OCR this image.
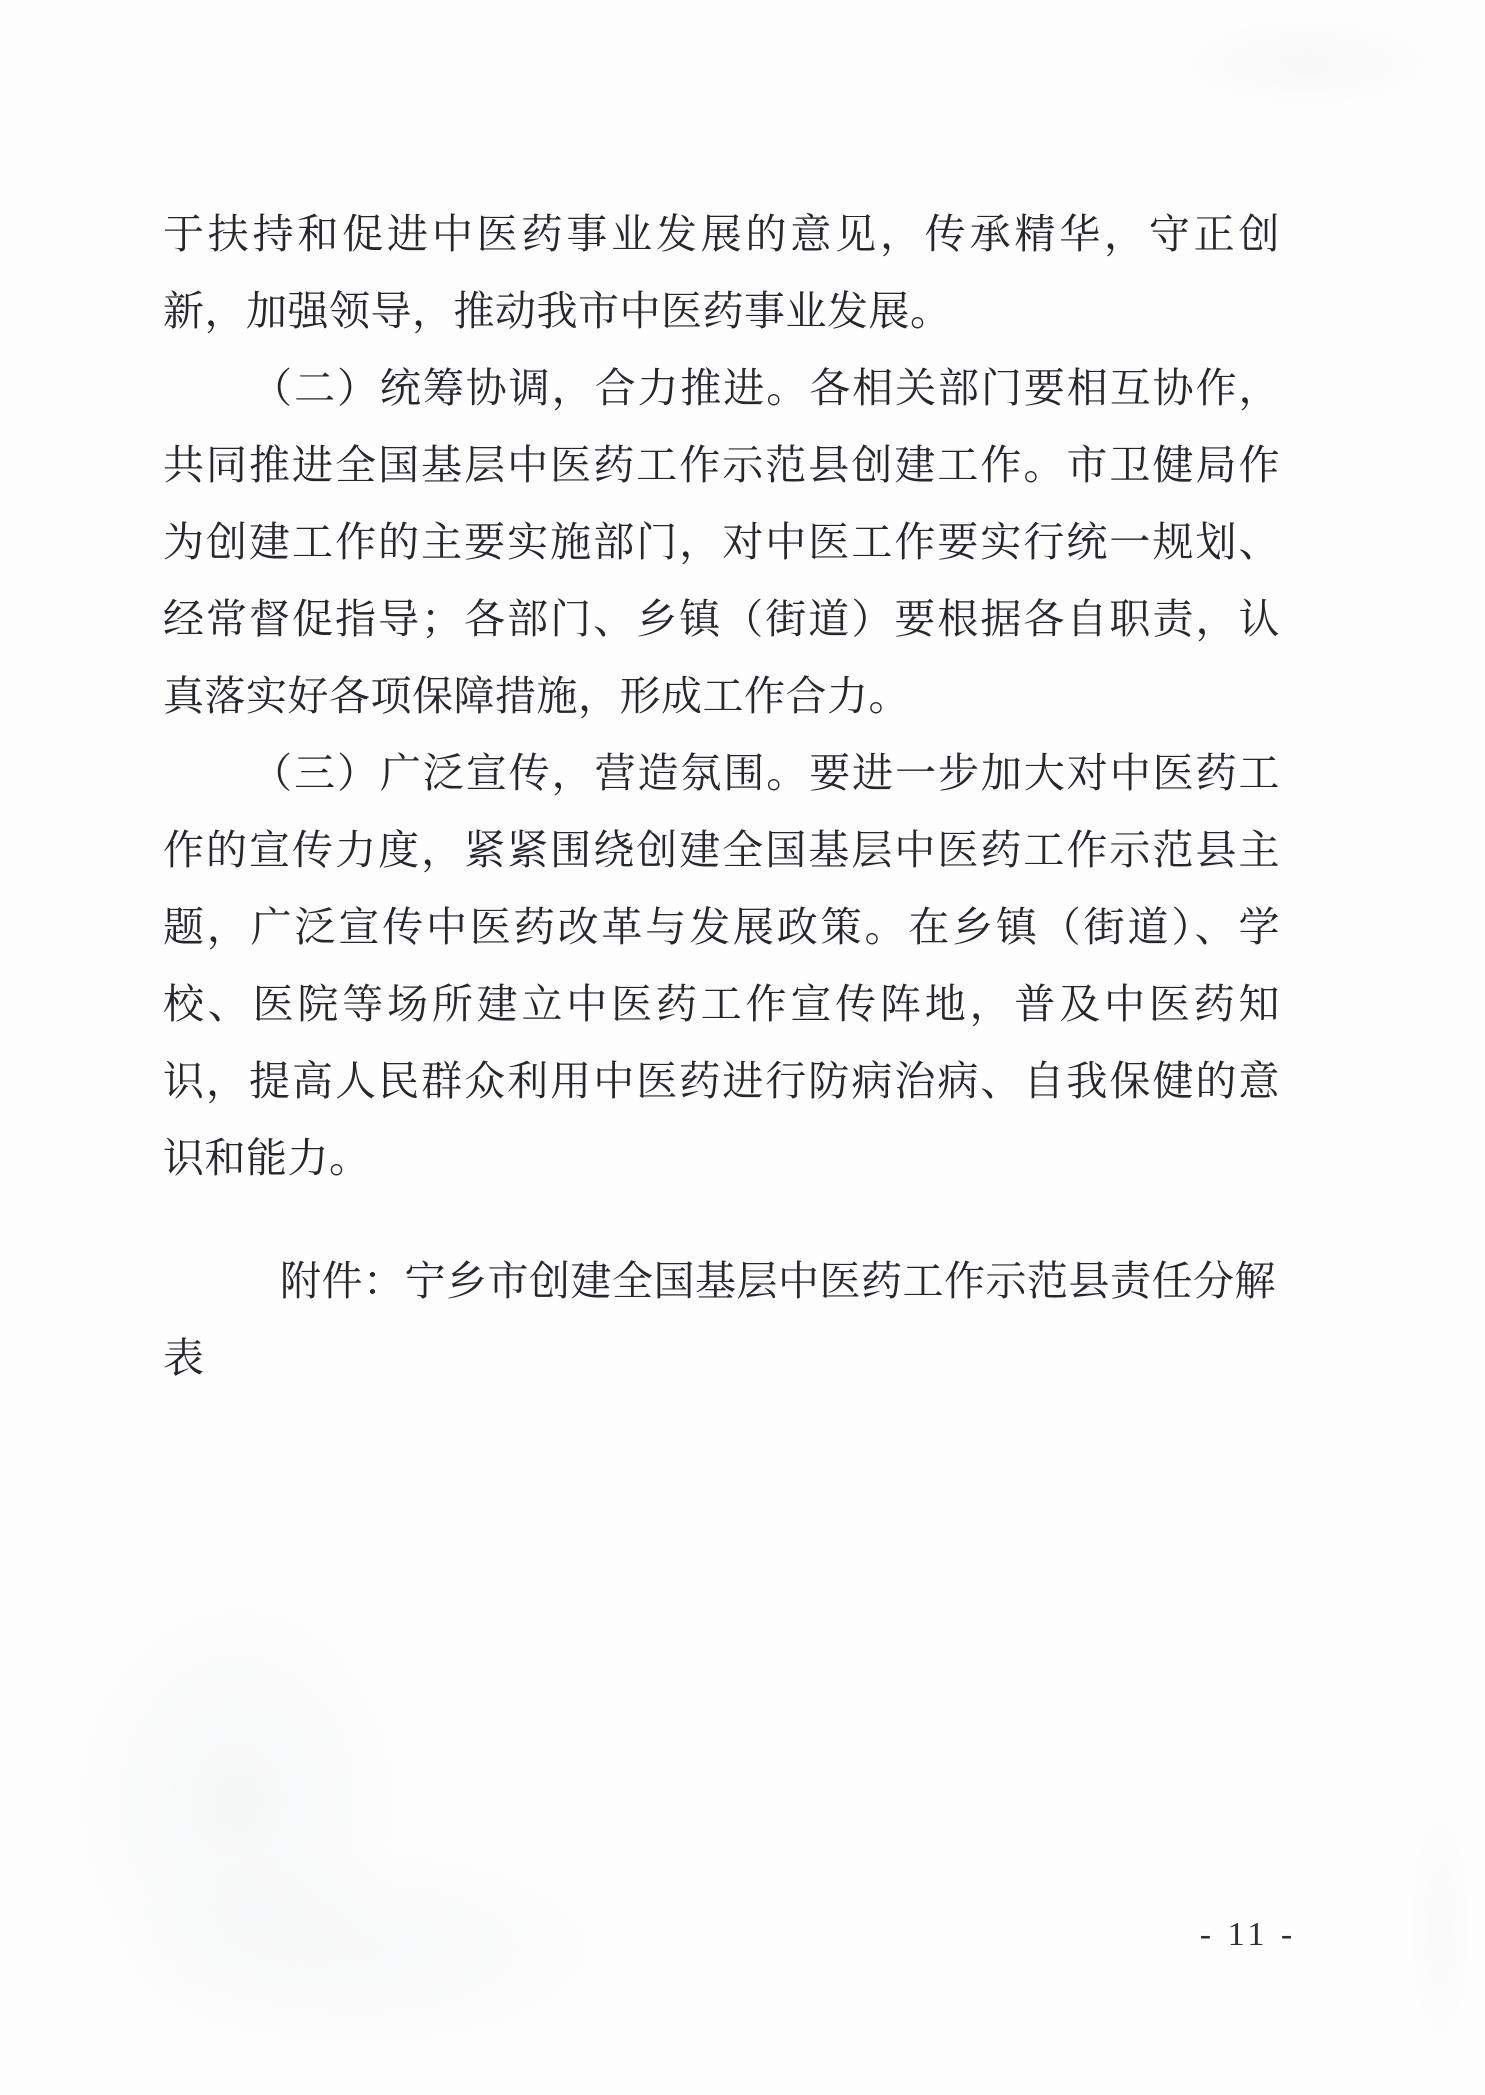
于扶持和促进中医药事业发展的意见，传承精华，守正创新，加强领导，推动我市中医药事业发展。

（二）统筹协调，合力推进。各相关部门要相互协作，共同推进全国基层中医药工作示范县创建工作。市卫健局作为创建工作的主要实施部门，对中医工作要实行统一规划、经常督促指导；各部门、乡镇（街道）要根据各自职责，认真落实好各项保障措施，形成工作合力。

（三）广泛宣传，营造氛围。要进一步加大对中医药工作的宣传力度，紧紧围绕创建全国基层中医药工作示范县主题，广泛宣传中医药改革与发展政策。在乡镇（街道）、学校、医院等场所建立中医药工作宣传阵地，普及中医药知识，提高人民群众利用中医药进行防病治病、自我保健的意识和能力。

附件：宁乡市创建全国基层中医药工作示范县责任分解表

- 11 -
